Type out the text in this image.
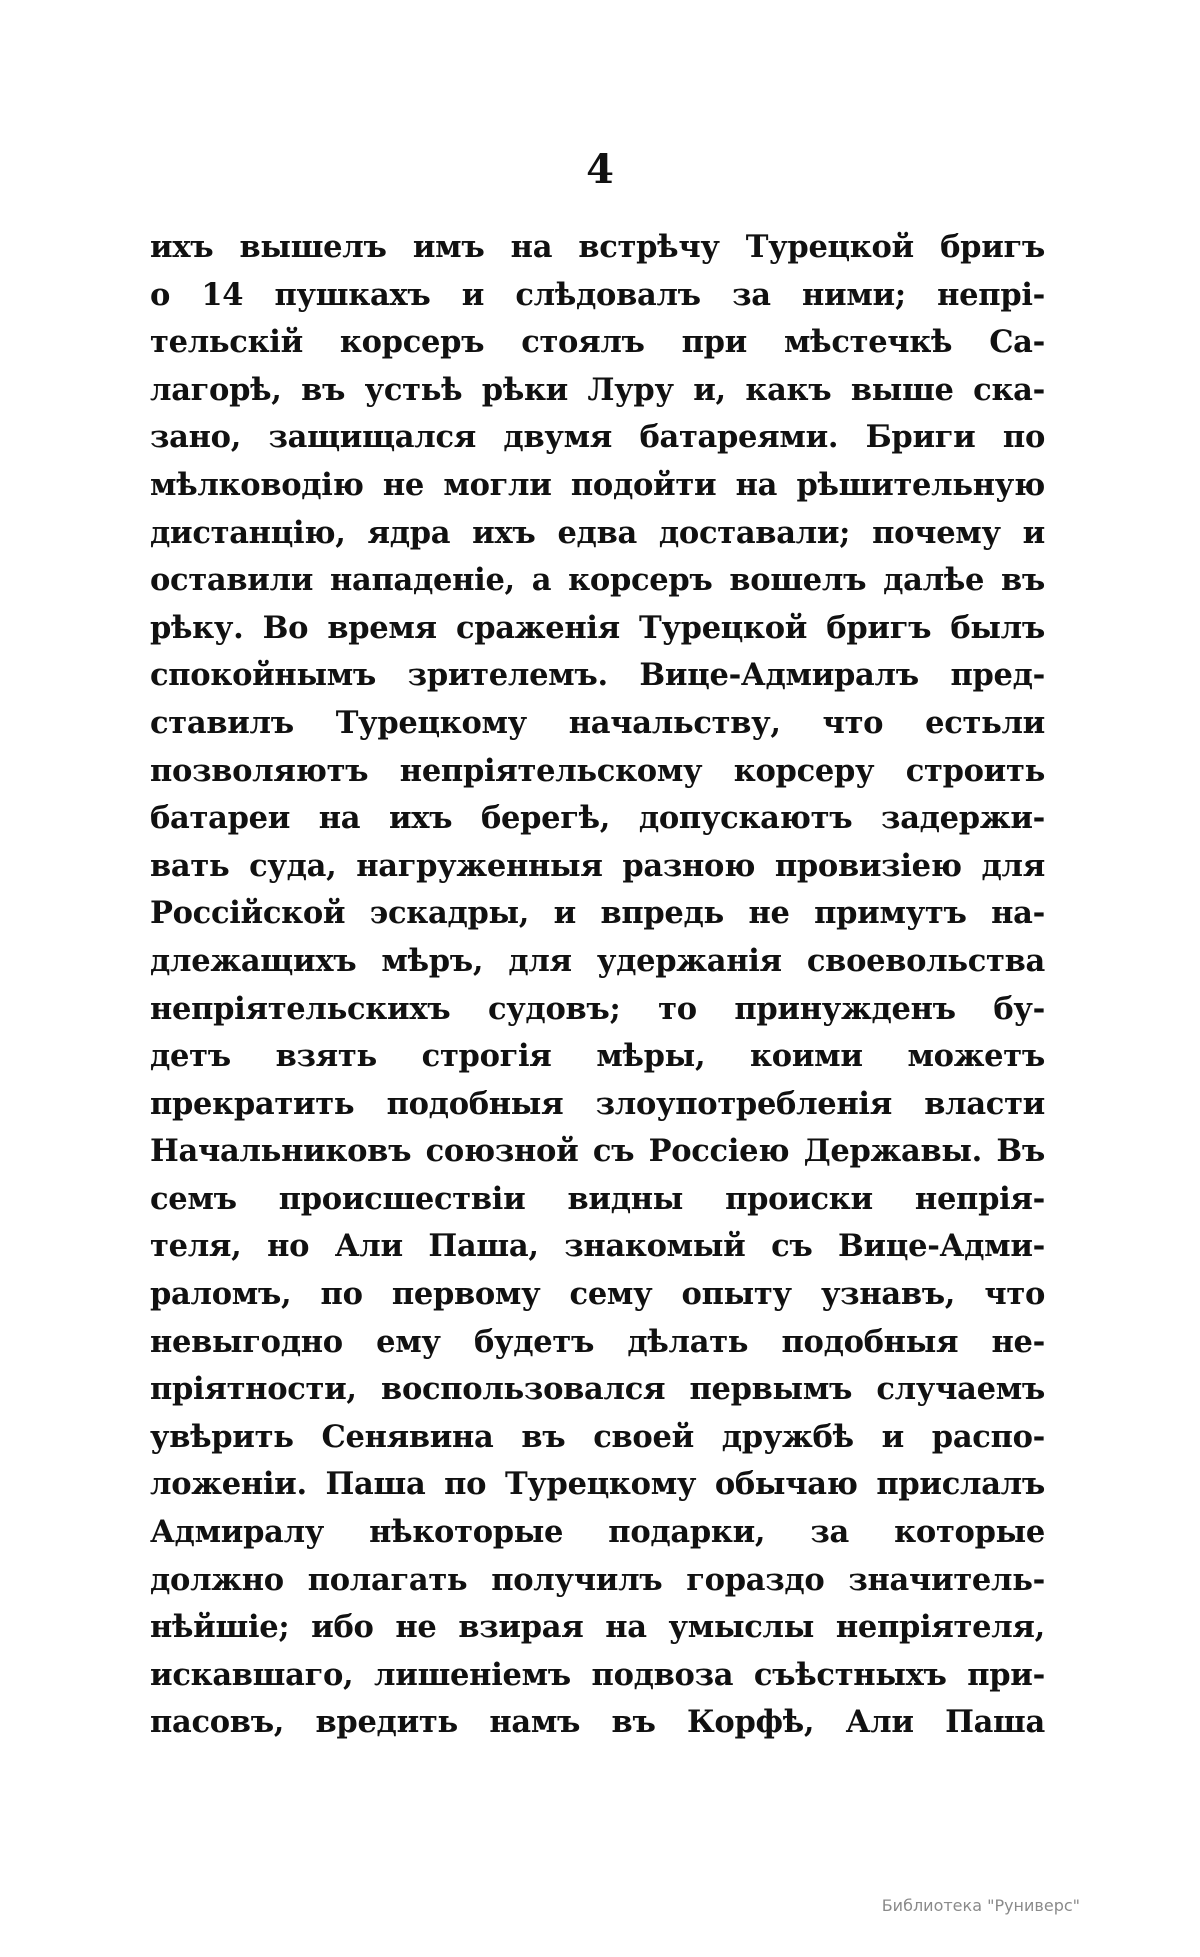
4
ихъ вышелъ имъ на встрѣчу Турецкой бригъ
о 14 пушкахъ и слѣдовалъ за ними; непрі-
тельскій корсеръ стоялъ при мѣстечкѣ Са-
лагорѣ, въ устьѣ рѣки Луру и, какъ выше ска-
зано, защищался двумя батареями. Бриги по
мѣлководію не могли подойти на рѣшительную
дистанцію, ядра ихъ едва доставали; почему и
оставили нападеніе, а корсеръ вошелъ далѣе въ
рѣку. Во время сраженія Турецкой бригъ былъ
спокойнымъ зрителемъ. Вице-Адмиралъ пред-
ставилъ Турецкому начальству, что естьли
позволяютъ непріятельскому корсеру строить
батареи на ихъ берегѣ, допускаютъ задержи-
вать суда, нагруженныя разною провизіею для
Россійской эскадры, и впредь не примутъ на-
длежащихъ мѣръ, для удержанія своевольства
непріятельскихъ судовъ; то принужденъ бу-
детъ взять строгія мѣры, коими можетъ
прекратить подобныя злоупотребленія власти
Начальниковъ союзной съ Россіею Державы. Въ
семъ происшествіи видны происки непрія-
теля, но Али Паша, знакомый съ Вице-Адми-
раломъ, по первому сему опыту узнавъ, что
невыгодно ему будетъ дѣлать подобныя не-
пріятности, воспользовался первымъ случаемъ
увѣрить Сенявина въ своей дружбѣ и распо-
ложеніи. Паша по Турецкому обычаю прислалъ
Адмиралу нѣкоторые подарки, за которые
должно полагать получилъ гораздо значитель-
нѣйшіе; ибо не взирая на умыслы непріятеля,
искавшаго, лишеніемъ подвоза съѣстныхъ при-
пасовъ, вредить намъ въ Корфѣ, Али Паша
Библиотека "Руниверс"
